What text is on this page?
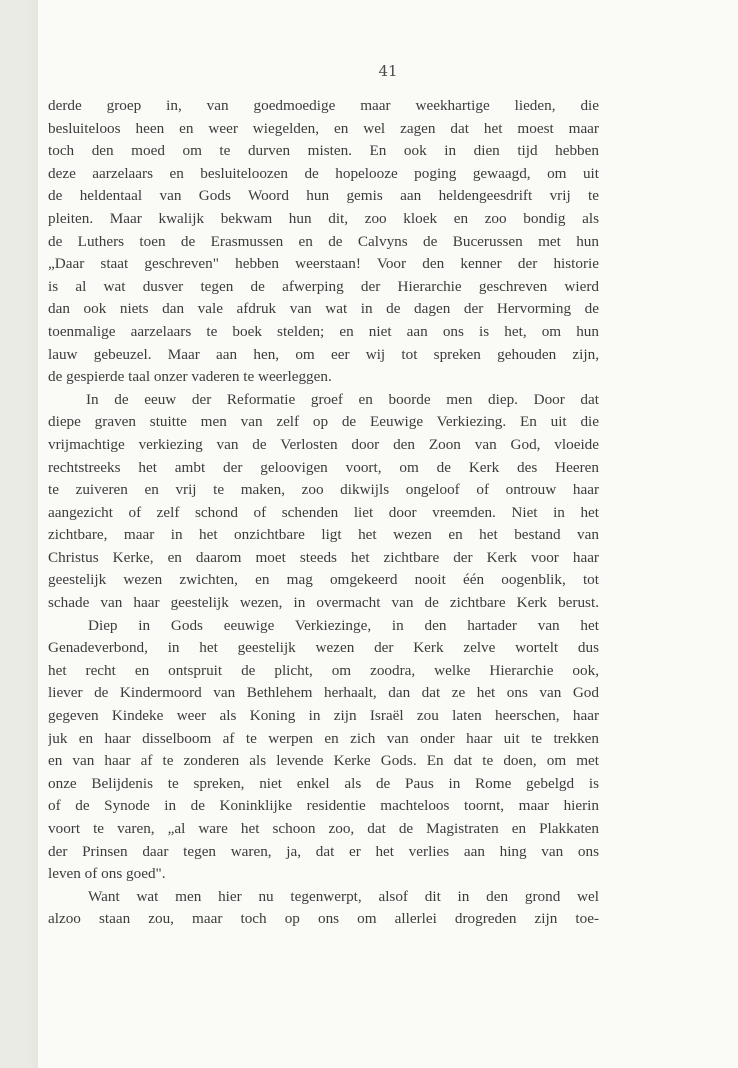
41
derde groep in, van goedmoedige maar weekhartige lieden, die
besluiteloos heen en weer wiegelden, en wel zagen dat het moest maar
toch den moed om te durven misten. En ook in dien tijd hebben
deze aarzelaars en besluiteloozen de hopelooze poging gewaagd, om uit
de heldentaal van Gods Woord hun gemis aan heldengeesdrift vrij te
pleiten. Maar kwalijk bekwam hun dit, zoo kloek en zoo bondig als
de Luthers toen de Erasmussen en de Calvyns de Bucerussen met hun
„Daar staat geschreven" hebben weerstaan! Voor den kenner der historie
is al wat dusver tegen de afwerping der Hierarchie geschreven wierd
dan ook niets dan vale afdruk van wat in de dagen der Hervorming de
toenmalige aarzelaars te boek stelden; en niet aan ons is het, om hun
lauw gebeuzel. Maar aan hen, om eer wij tot spreken gehouden zijn,
de gespierde taal onzer vaderen te weerleggen.
In de eeuw der Reformatie groef en boorde men diep. Door dat
diepe graven stuitte men van zelf op de Eeuwige Verkiezing. En uit die
vrijmachtige verkiezing van de Verlosten door den Zoon van God, vloeide
rechtstreeks het ambt der geloovigen voort, om de Kerk des Heeren
te zuiveren en vrij te maken, zoo dikwijls ongeloof of ontrouw haar
aangezicht of zelf schond of schenden liet door vreemden. Niet in het
zichtbare, maar in het onzichtbare ligt het wezen en het bestand van
Christus Kerke, en daarom moet steeds het zichtbare der Kerk voor haar
geestelijk wezen zwichten, en mag omgekeerd nooit één oogenblik, tot
schade van haar geestelijk wezen, in overmacht van de zichtbare Kerk berust.
Diep in Gods eeuwige Verkiezinge, in den hartader van het
Genadeverbond, in het geestelijk wezen der Kerk zelve wortelt dus
het recht en ontspruit de plicht, om zoodra, welke Hierarchie ook,
liever de Kindermoord van Bethlehem herhaalt, dan dat ze het ons van God
gegeven Kindeke weer als Koning in zijn Israël zou laten heerschen, haar
juk en haar disselboom af te werpen en zich van onder haar uit te trekken
en van haar af te zonderen als levende Kerke Gods. En dat te doen, om met
onze Belijdenis te spreken, niet enkel als de Paus in Rome gebelgd is
of de Synode in de Koninklijke residentie machteloos toornt, maar hierin
voort te varen, „al ware het schoon zoo, dat de Magistraten en Plakkaten
der Prinsen daar tegen waren, ja, dat er het verlies aan hing van ons
leven of ons goed".
Want wat men hier nu tegenwerpt, alsof dit in den grond wel
alzoo staan zou, maar toch op ons om allerlei drogreden zijn toe-
